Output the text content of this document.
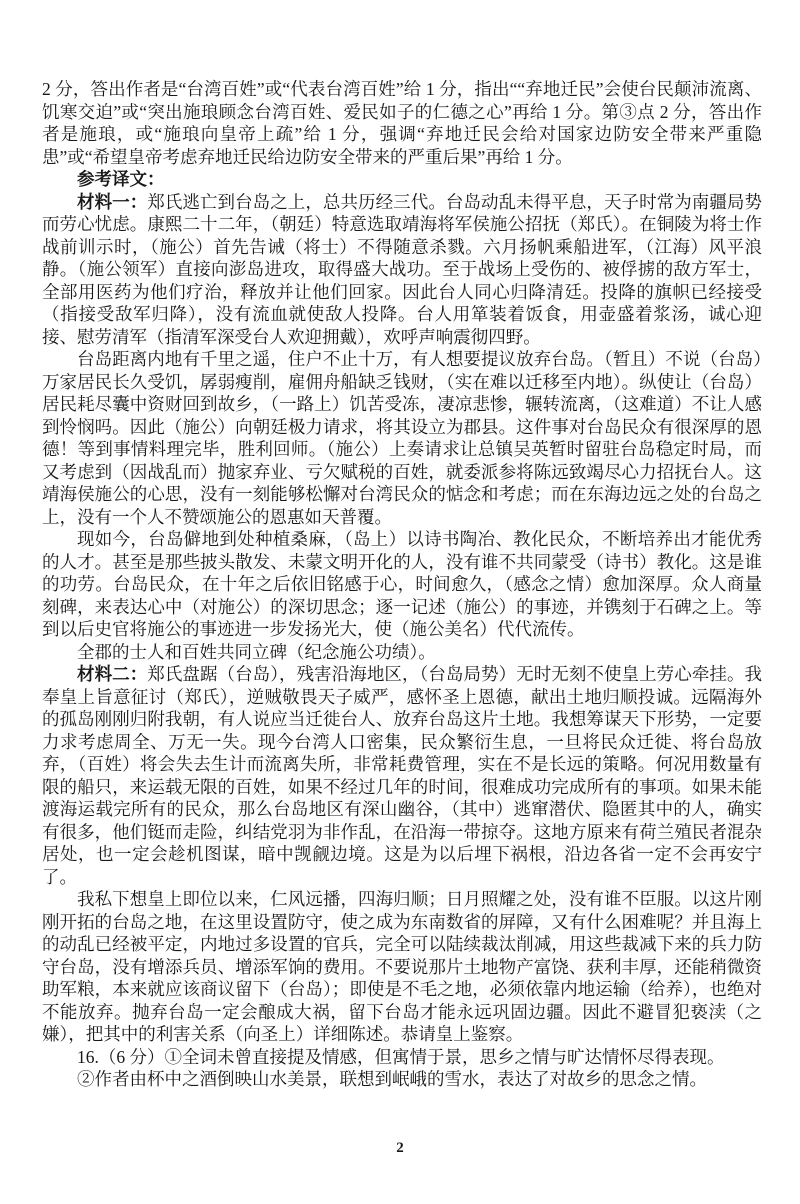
2 分，答出作者是“台湾百姓”或“代表台湾百姓”给 1 分，指出““弃地迁民”会使台民颠沛流离、饥寒交迫”或“突出施琅顾念台湾百姓、爱民如子的仁德之心”再给 1 分。第③点 2 分，答出作者是施琅，或“施琅向皇帝上疏”给 1 分，强调“弃地迁民会给对国家边防安全带来严重隐患”或“希望皇帝考虑弃地迁民给边防安全带来的严重后果”再给 1 分。

参考译文：

材料一：郑氏逃亡到台岛之上，总共历经三代。台岛动乱未得平息，天子时常为南疆局势而劳心忧虑。康熙二十二年，（朝廷）特意选取靖海将军侯施公招抚（郑氏）。在铜陵为将士作战前训示时，（施公）首先告诫（将士）不得随意杀戮。六月扬帆乘船进军，（江海）风平浪静。（施公领军）直接向澎岛进攻，取得盛大战功。至于战场上受伤的、被俘掳的敌方军士，全部用医药为他们疗治，释放并让他们回家。因此台人同心归降清廷。投降的旗帜已经接受（指接受敌军归降），没有流血就使敌人投降。台人用箪装着饭食，用壶盛着浆汤，诚心迎接、慰劳清军（指清军深受台人欢迎拥戴），欢呼声响震彻四野。

台岛距离内地有千里之遥，住户不止十万，有人想要提议放弃台岛。（暂且）不说（台岛）万家居民长久受饥，孱弱瘦削，雇佣舟船缺乏钱财，（实在难以迁移至内地）。纵使让（台岛）居民耗尽囊中资财回到故乡，（一路上）饥苦受冻，凄凉悲惨，辗转流离，（这难道）不让人感到怜悯吗。因此（施公）向朝廷极力请求，将其设立为郡县。这件事对台岛民众有很深厚的恩德！等到事情料理完毕，胜利回师。（施公）上奏请求让总镇吴英暂时留驻台岛稳定时局，而又考虑到（因战乱而）抛家弃业、亏欠赋税的百姓，就委派参将陈远致竭尽心力招抚台人。这靖海侯施公的心思，没有一刻能够松懈对台湾民众的惦念和考虑；而在东海边远之处的台岛之上，没有一个人不赞颂施公的恩惠如天普覆。

现如今，台岛僻地到处种植桑麻，（岛上）以诗书陶冶、教化民众，不断培养出才能优秀的人才。甚至是那些披头散发、未蒙文明开化的人，没有谁不共同蒙受（诗书）教化。这是谁的功劳。台岛民众，在十年之后依旧铭感于心，时间愈久，（感念之情）愈加深厚。众人商量刻碑，来表达心中（对施公）的深切思念；逐一记述（施公）的事迹，并镌刻于石碑之上。等到以后史官将施公的事迹进一步发扬光大，使（施公美名）代代流传。

全郡的士人和百姓共同立碑（纪念施公功绩）。

材料二：郑氏盘踞（台岛），残害沿海地区，（台岛局势）无时无刻不使皇上劳心牵挂。我奉皇上旨意征讨（郑氏），逆贼敬畏天子威严，感怀圣上恩德，献出土地归顺投诚。远隔海外的孤岛刚刚归附我朝，有人说应当迁徙台人、放弃台岛这片土地。我想筹谋天下形势，一定要力求考虑周全、万无一失。现今台湾人口密集，民众繁衍生息，一旦将民众迁徙、将台岛放弃，（百姓）将会失去生计而流离失所，非常耗费管理，实在不是长远的策略。何况用数量有限的船只，来运载无限的百姓，如果不经过几年的时间，很难成功完成所有的事项。如果未能渡海运载完所有的民众，那么台岛地区有深山幽谷，（其中）逃窜潜伏、隐匿其中的人，确实有很多，他们铤而走险，纠结党羽为非作乱，在沿海一带掠夺。这地方原来有荷兰殖民者混杂居处，也一定会趁机图谋，暗中觊觎边境。这是为以后埋下祸根，沿边各省一定不会再安宁了。

我私下想皇上即位以来，仁风远播，四海归顺；日月照耀之处，没有谁不臣服。以这片刚刚开拓的台岛之地，在这里设置防守，使之成为东南数省的屏障，又有什么困难呢？并且海上的动乱已经被平定，内地过多设置的官兵，完全可以陆续裁汰削减，用这些裁减下来的兵力防守台岛，没有增添兵员、增添军饷的费用。不要说那片土地物产富饶、获利丰厚，还能稍微资助军粮，本来就应该商议留下（台岛）；即使是不毛之地，必须依靠内地运输（给养），也绝对不能放弃。抛弃台岛一定会酿成大祸，留下台岛才能永远巩固边疆。因此不避冒犯亵渎（之嫌），把其中的利害关系（向圣上）详细陈述。恭请皇上鉴察。

16.（6 分）①全词未曾直接提及情感，但寓情于景，思乡之情与旷达情怀尽得表现。

②作者由杯中之酒倒映山水美景，联想到岷峨的雪水，表达了对故乡的思念之情。

2
